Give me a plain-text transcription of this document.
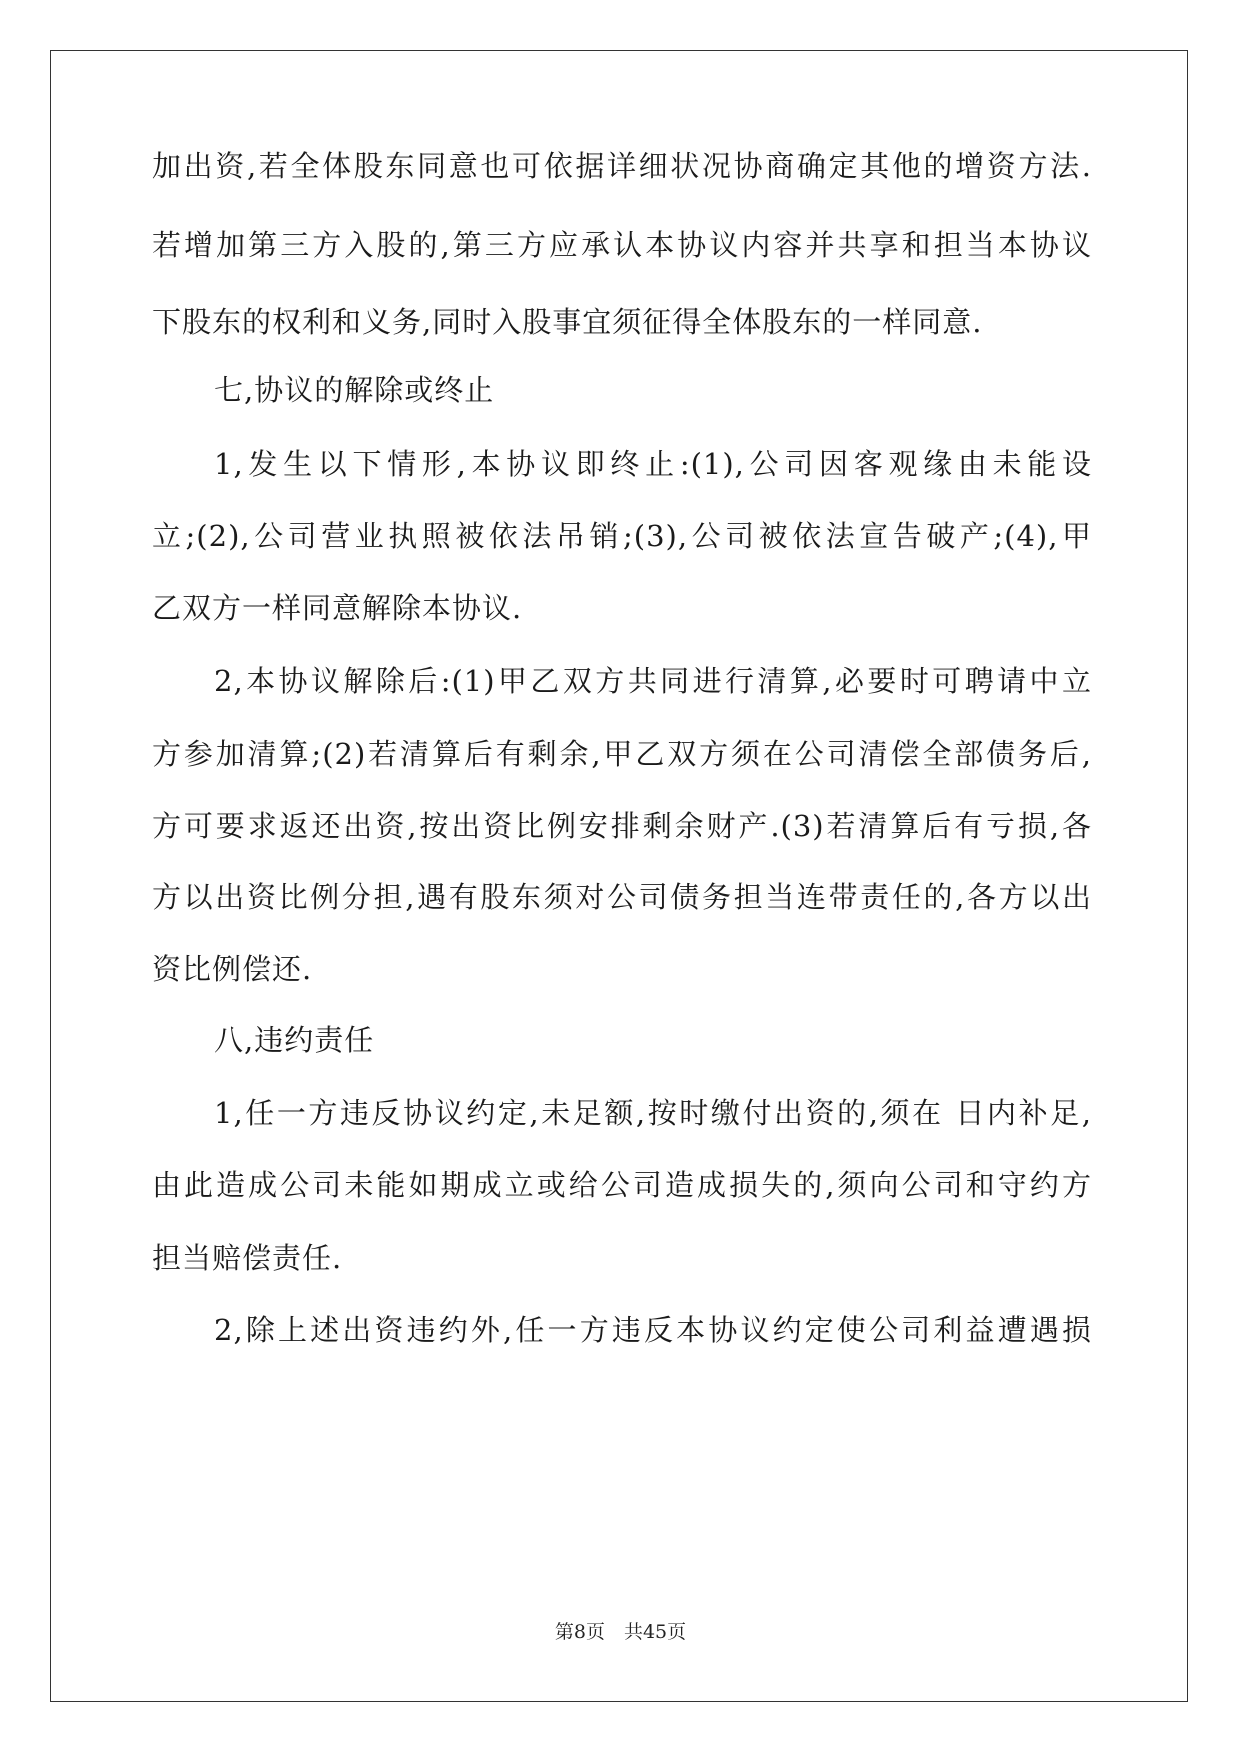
加出资,若全体股东同意也可依据详细状况协商确定其他的增资方法.
若增加第三方入股的,第三方应承认本协议内容并共享和担当本协议
下股东的权利和义务,同时入股事宜须征得全体股东的一样同意.
七,协议的解除或终止
1,发生以下情形,本协议即终止:(1),公司因客观缘由未能设
立;(2),公司营业执照被依法吊销;(3),公司被依法宣告破产;(4),甲
乙双方一样同意解除本协议.
2,本协议解除后:(1)甲乙双方共同进行清算,必要时可聘请中立
方参加清算;(2)若清算后有剩余,甲乙双方须在公司清偿全部债务后,
方可要求返还出资,按出资比例安排剩余财产.(3)若清算后有亏损,各
方以出资比例分担,遇有股东须对公司债务担当连带责任的,各方以出
资比例偿还.
八,违约责任
1,任一方违反协议约定,未足额,按时缴付出资的,须在 日内补足,
由此造成公司未能如期成立或给公司造成损失的,须向公司和守约方
担当赔偿责任.
2,除上述出资违约外,任一方违反本协议约定使公司利益遭遇损
第8页　共45页
